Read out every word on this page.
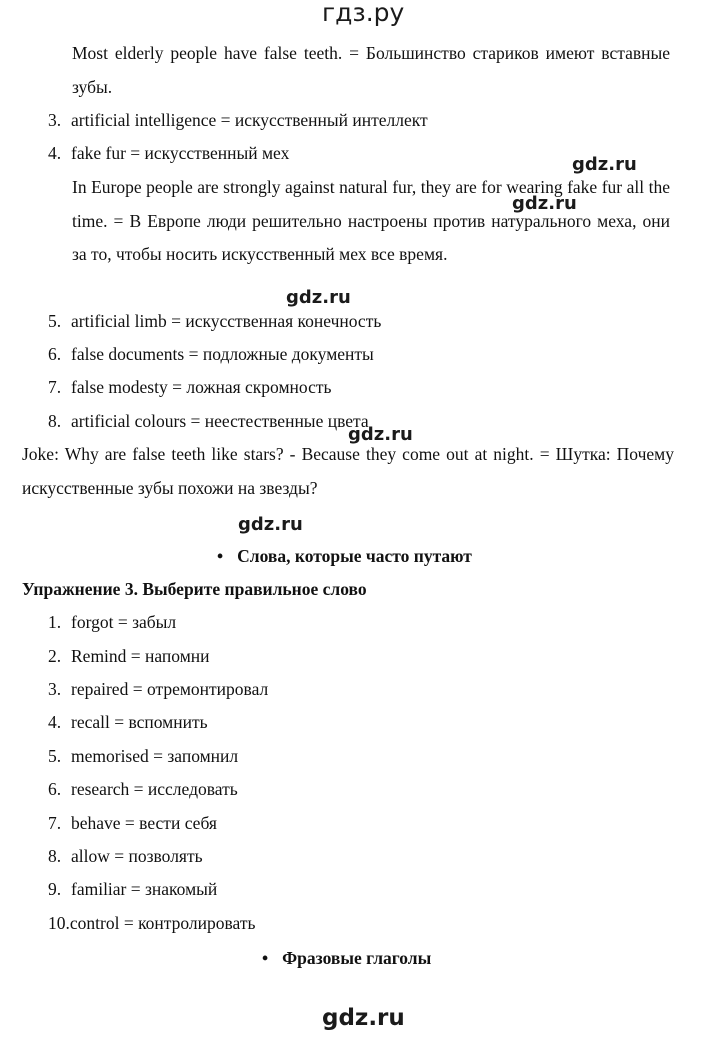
гдз.ру
Most elderly people have false teeth. = Большинство стариков имеют вставные зубы.
3. artificial intelligence = искусственный интеллект
4. fake fur = искусственный мех
In Europe people are strongly against natural fur, they are for wearing fake fur all the time. = В Европе люди решительно настроены против натурального меха, они за то, чтобы носить искусственный мех все время.
5. artificial limb = искусственная конечность
6. false documents = подложные документы
7. false modesty = ложная скромность
8. artificial colours = неестественные цвета
Joke: Why are false teeth like stars? - Because they come out at night. = Шутка: Почему искусственные зубы похожи на звезды?
• Слова, которые часто путают
Упражнение 3. Выберите правильное слово
1. forgot = забыл
2. Remind = напомни
3. repaired = отремонтировал
4. recall = вспомнить
5. memorised = запомнил
6. research = исследовать
7. behave = вести себя
8. allow = позволять
9. familiar = знакомый
10.control = контролировать
• Фразовые глаголы
gdz.ru
gdz.ru
gdz.ru
gdz.ru
gdz.ru
gdz.ru
